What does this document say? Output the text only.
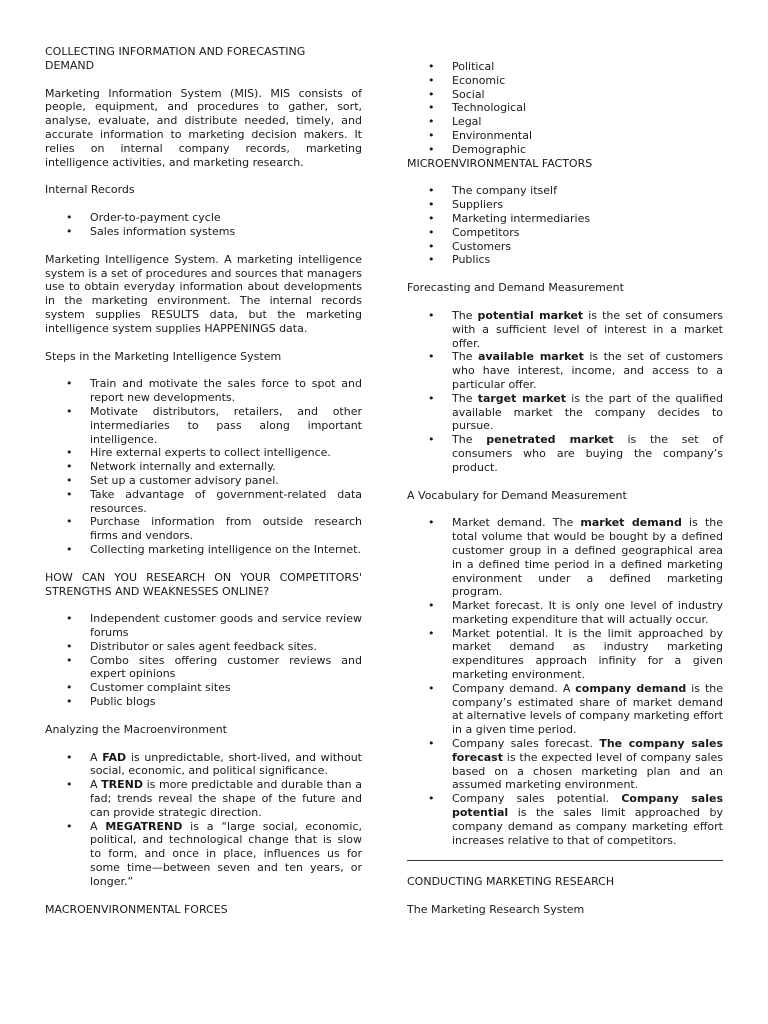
COLLECTING INFORMATION AND FORECASTING DEMAND

Marketing Information System (MIS). MIS consists of people, equipment, and procedures to gather, sort, analyse, evaluate, and distribute needed, timely, and accurate information to marketing decision makers. It relies on internal company records, marketing intelligence activities, and marketing research.

Internal Records

• Order-to-payment cycle
• Sales information systems

Marketing Intelligence System. A marketing intelligence system is a set of procedures and sources that managers use to obtain everyday information about developments in the marketing environment. The internal records system supplies RESULTS data, but the marketing intelligence system supplies HAPPENINGS data.

Steps in the Marketing Intelligence System

• Train and motivate the sales force to spot and report new developments.
• Motivate distributors, retailers, and other intermediaries to pass along important intelligence.
• Hire external experts to collect intelligence.
• Network internally and externally.
• Set up a customer advisory panel.
• Take advantage of government-related data resources.
• Purchase information from outside research firms and vendors.
• Collecting marketing intelligence on the Internet.

HOW CAN YOU RESEARCH ON YOUR COMPETITORS' STRENGTHS AND WEAKNESSES ONLINE?

• Independent customer goods and service review forums
• Distributor or sales agent feedback sites.
• Combo sites offering customer reviews and expert opinions
• Customer complaint sites
• Public blogs

Analyzing the Macroenvironment

• A FAD is unpredictable, short-lived, and without social, economic, and political significance.
• A TREND is more predictable and durable than a fad; trends reveal the shape of the future and can provide strategic direction.
• A MEGATREND is a “large social, economic, political, and technological change that is slow to form, and once in place, influences us for some time—between seven and ten years, or longer.”

MACROENVIRONMENTAL FORCES

• Political
• Economic
• Social
• Technological
• Legal
• Environmental
• Demographic

MICROENVIRONMENTAL FACTORS

• The company itself
• Suppliers
• Marketing intermediaries
• Competitors
• Customers
• Publics

Forecasting and Demand Measurement

• The potential market is the set of consumers with a sufficient level of interest in a market offer.
• The available market is the set of customers who have interest, income, and access to a particular offer.
• The target market is the part of the qualified available market the company decides to pursue.
• The penetrated market is the set of consumers who are buying the company’s product.

A Vocabulary for Demand Measurement

• Market demand. The market demand is the total volume that would be bought by a defined customer group in a defined geographical area in a defined time period in a defined marketing environment under a defined marketing program.
• Market forecast. It is only one level of industry marketing expenditure that will actually occur.
• Market potential. It is the limit approached by market demand as industry marketing expenditures approach infinity for a given marketing environment.
• Company demand. A company demand is the company’s estimated share of market demand at alternative levels of company marketing effort in a given time period.
• Company sales forecast. The company sales forecast is the expected level of company sales based on a chosen marketing plan and an assumed marketing environment.
• Company sales potential. Company sales potential is the sales limit approached by company demand as company marketing effort increases relative to that of competitors.

CONDUCTING MARKETING RESEARCH

The Marketing Research System
